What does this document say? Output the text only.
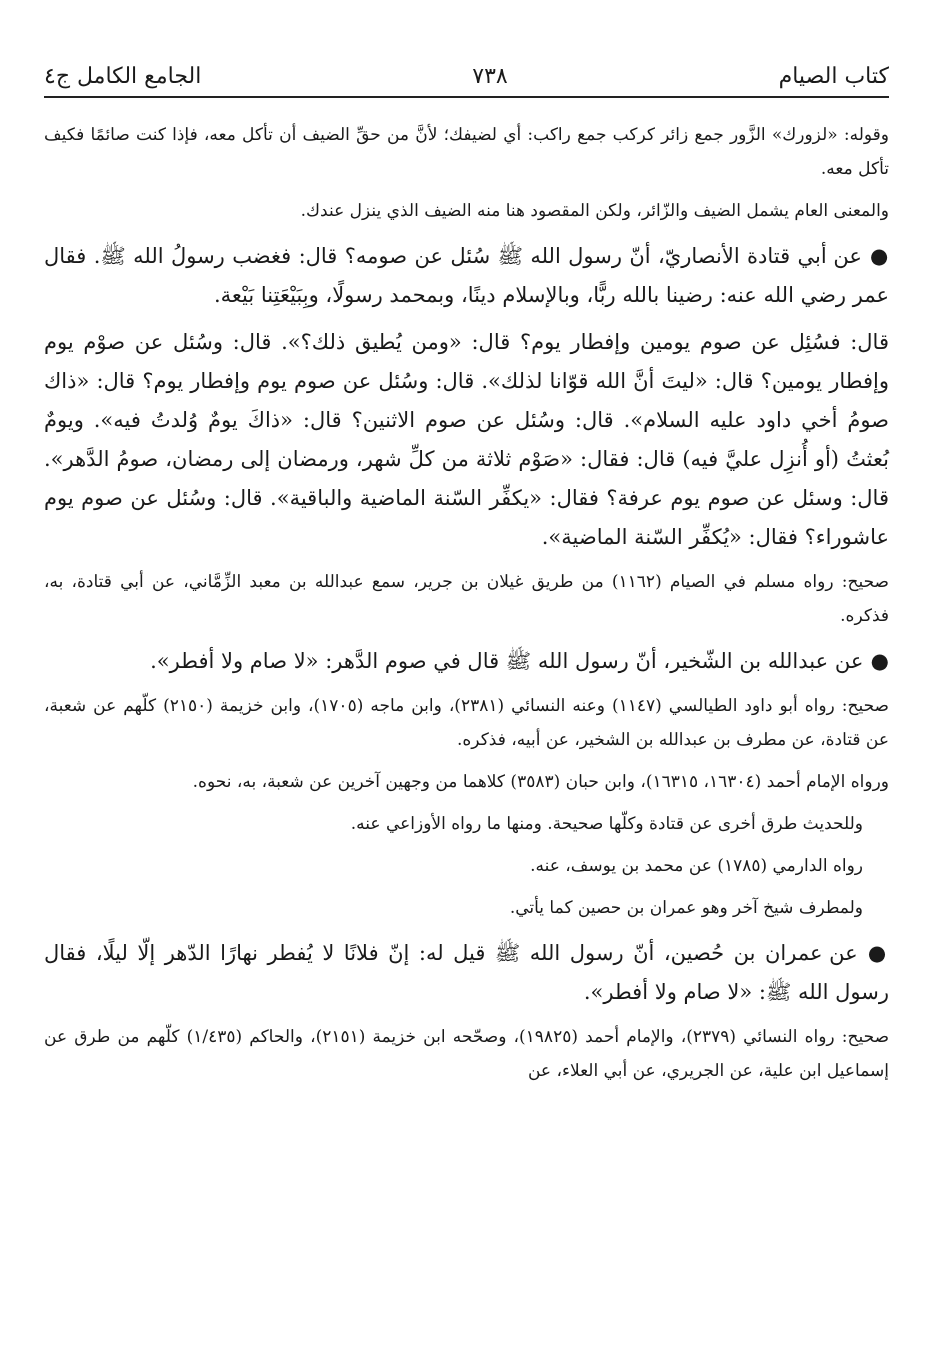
كتاب الصيام
٧٣٨
الجامع الكامل ج٤

وقوله: «لزورك» الزَّور جمع زائر كركب جمع راكب: أي لضيفك؛ لأنَّ من حقِّ الضيف أن تأكل معه، فإذا كنت صائمًا فكيف تأكل معه.

والمعنى العام يشمل الضيف والزّائر، ولكن المقصود هنا منه الضيف الذي ينزل عندك.

● عن أبي قتادة الأنصاريّ، أنّ رسول الله ﷺ سُئل عن صومه؟ قال: فغضب رسولُ الله ﷺ. فقال عمر رضي الله عنه: رضينا بالله ربًّا، وبالإسلام دينًا، وبمحمد رسولًا، وبِبَيْعَتِنا بَيْعة.

قال: فسُئِل عن صوم يومين وإفطار يوم؟ قال: «ومن يُطيق ذلك؟». قال: وسُئل عن صوْم يوم وإفطار يومين؟ قال: «ليتَ أنَّ الله قوّانا لذلك». قال: وسُئل عن صوم يوم وإفطار يوم؟ قال: «ذاك صومُ أخي داود عليه السلام». قال: وسُئل عن صوم الاثنين؟ قال: «ذاكَ يومٌ وُلدتُ فيه». ويومٌ بُعثتُ (أو أُنزِل عليَّ فيه) قال: فقال: «صَوْم ثلاثة من كلِّ شهر، ورمضان إلى رمضان، صومُ الدَّهر». قال: وسئل عن صوم يوم عرفة؟ فقال: «يكفِّر السّنة الماضية والباقية». قال: وسُئل عن صوم يوم عاشوراء؟ فقال: «يُكفِّر السّنة الماضية».

صحيح: رواه مسلم في الصيام (١١٦٢) من طريق غيلان بن جرير، سمع عبدالله بن معبد الزِّمَّاني، عن أبي قتادة، به، فذكره.

● عن عبدالله بن الشّخير، أنّ رسول الله ﷺ قال في صوم الدَّهر: «لا صام ولا أفطر».

صحيح: رواه أبو داود الطيالسي (١١٤٧) وعنه النسائي (٢٣٨١)، وابن ماجه (١٧٠٥)، وابن خزيمة (٢١٥٠) كلّهم عن شعبة، عن قتادة، عن مطرف بن عبدالله بن الشخير، عن أبيه، فذكره.

ورواه الإمام أحمد (١٦٣٠٤، ١٦٣١٥)، وابن حبان (٣٥٨٣) كلاهما من وجهين آخرين عن شعبة، به، نحوه.

وللحديث طرق أخرى عن قتادة وكلّها صحيحة. ومنها ما رواه الأوزاعي عنه.

رواه الدارمي (١٧٨٥) عن محمد بن يوسف، عنه.

ولمطرف شيخ آخر وهو عمران بن حصين كما يأتي.

● عن عمران بن حُصين، أنّ رسول الله ﷺ قيل له: إنّ فلانًا لا يُفطر نهارًا الدّهر إلّا ليلًا، فقال رسول الله ﷺ: «لا صام ولا أفطر».

صحيح: رواه النسائي (٢٣٧٩)، والإمام أحمد (١٩٨٢٥)، وصحّحه ابن خزيمة (٢١٥١)، والحاكم (١/٤٣٥) كلّهم من طرق عن إسماعيل ابن علية، عن الجريري، عن أبي العلاء، عن
